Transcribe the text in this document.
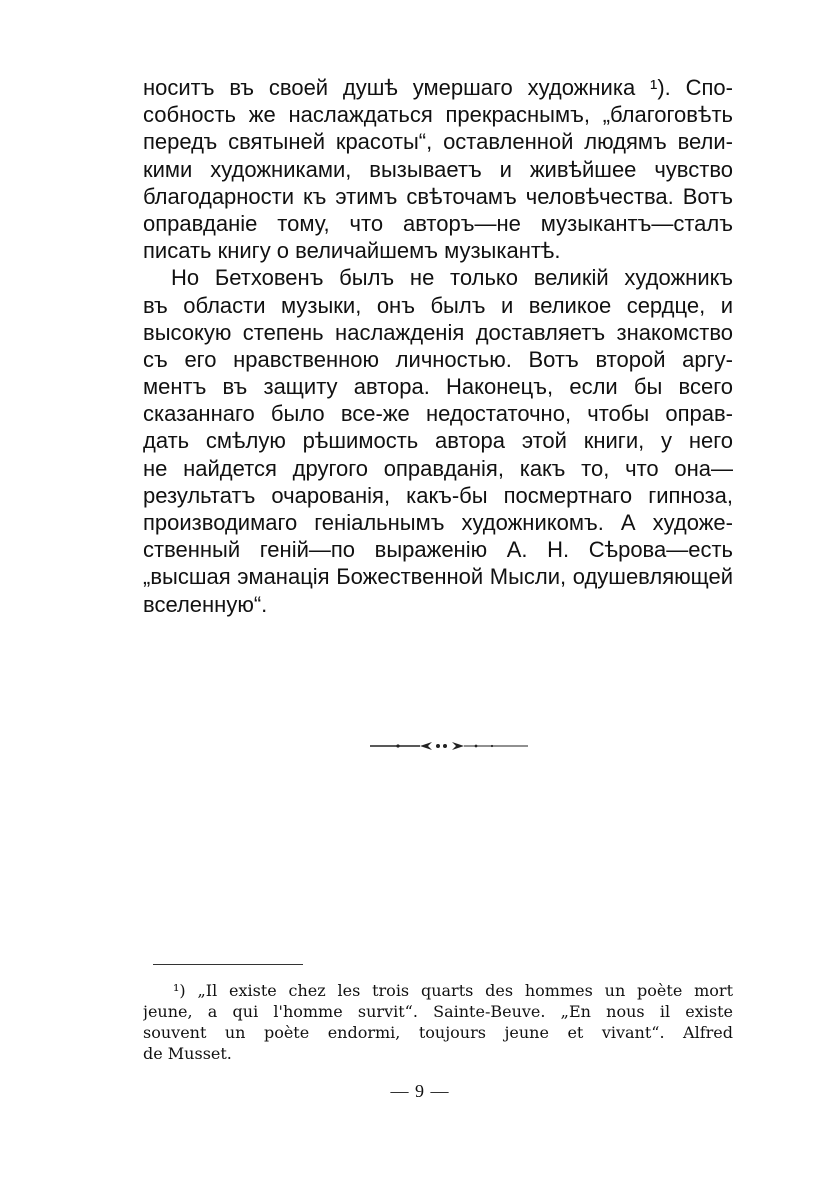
носитъ въ своей душѣ умершаго художника ¹). Спо-
собность же наслаждаться прекраснымъ, „благоговѣть
передъ святыней красоты“, оставленной людямъ вели-
кими художниками, вызываетъ и живѣйшее чувство
благодарности къ этимъ свѣточамъ человѣчества. Вотъ
оправданіе тому, что авторъ—не музыкантъ—сталъ
писать книгу о величайшемъ музыкантѣ.
Но Бетховенъ былъ не только великій художникъ
въ области музыки, онъ былъ и великое сердце, и
высокую степень наслажденія доставляетъ знакомство
съ его нравственною личностью. Вотъ второй аргу-
ментъ въ защиту автора. Наконецъ, если бы всего
сказаннаго было все-же недостаточно, чтобы оправ-
дать смѣлую рѣшимость автора этой книги, у него
не найдется другого оправданія, какъ то, что она—
результатъ очарованія, какъ-бы посмертнаго гипноза,
производимаго геніальнымъ художникомъ. А художе-
ственный геній—по выраженію А. Н. Сѣрова—есть
„высшая эманація Божественной Мысли, одушевляющей
вселенную“.
¹) „Il existe chez les trois quarts des hommes un poète mort
jeune, a qui l'homme survit“. Sainte-Beuve. „En nous il existe
souvent un poète endormi, toujours jeune et vivant“. Alfred
de Musset.
— 9 —
